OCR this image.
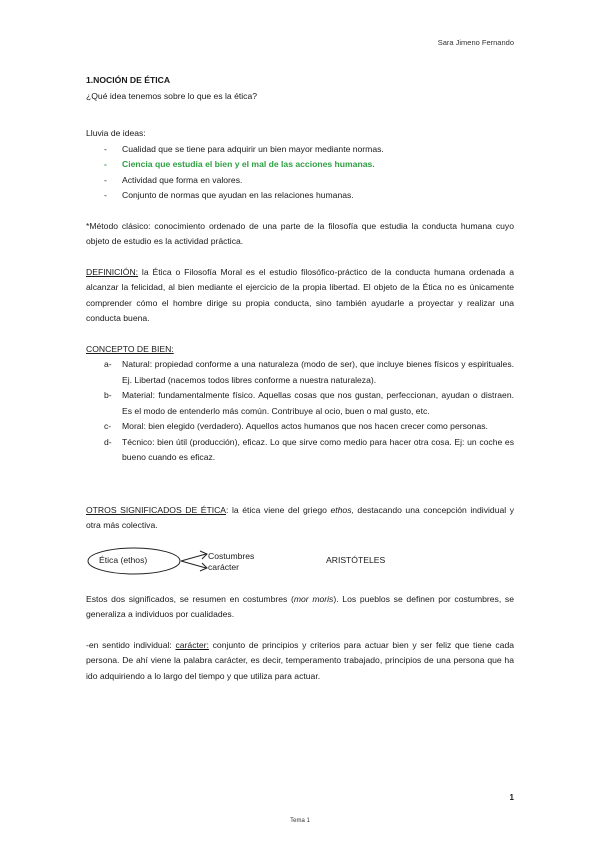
Sara Jimeno Fernando

1.NOCIÓN DE ÉTICA

¿Qué idea tenemos sobre lo que es la ética?

Lluvia de ideas:

- Cualidad que se tiene para adquirir un bien mayor mediante normas.
- Ciencia que estudia el bien y el mal de las acciones humanas.
- Actividad que forma en valores.
- Conjunto de normas que ayudan en las relaciones humanas.

*Método clásico: conocimiento ordenado de una parte de la filosofía que estudia la conducta humana cuyo objeto de estudio es la actividad práctica.

DEFINICIÓN: la Ética o Filosofía Moral es el estudio filosófico-práctico de la conducta humana ordenada a alcanzar la felicidad, al bien mediante el ejercicio de la propia libertad. El objeto de la Ética no es únicamente comprender cómo el hombre dirige su propia conducta, sino también ayudarle a proyectar y realizar una conducta buena.

CONCEPTO DE BIEN:

a- Natural: propiedad conforme a una naturaleza (modo de ser), que incluye bienes físicos y espirituales. Ej. Libertad (nacemos todos libres conforme a nuestra naturaleza).
b- Material: fundamentalmente físico. Aquellas cosas que nos gustan, perfeccionan, ayudan o distraen. Es el modo de entenderlo más común. Contribuye al ocio, buen o mal gusto, etc.
c- Moral: bien elegido (verdadero). Aquellos actos humanos que nos hacen crecer como personas.
d- Técnico: bien útil (producción), eficaz. Lo que sirve como medio para hacer otra cosa. Ej: un coche es bueno cuando es eficaz.

OTROS SIGNIFICADOS DE ÉTICA: la ética viene del griego ethos, destacando una concepción individual y otra más colectiva.

Ética (ethos)	Costumbres
carácter
ARISTÓTELES

Estos dos significados, se resumen en costumbres (mor moris). Los pueblos se definen por costumbres, se generaliza a individuos por cualidades.

-en sentido individual: carácter: conjunto de principios y criterios para actuar bien y ser feliz que tiene cada persona. De ahí viene la palabra carácter, es decir, temperamento trabajado, principios de una persona que ha ido adquiriendo a lo largo del tiempo y que utiliza para actuar.

1
Tema 1
